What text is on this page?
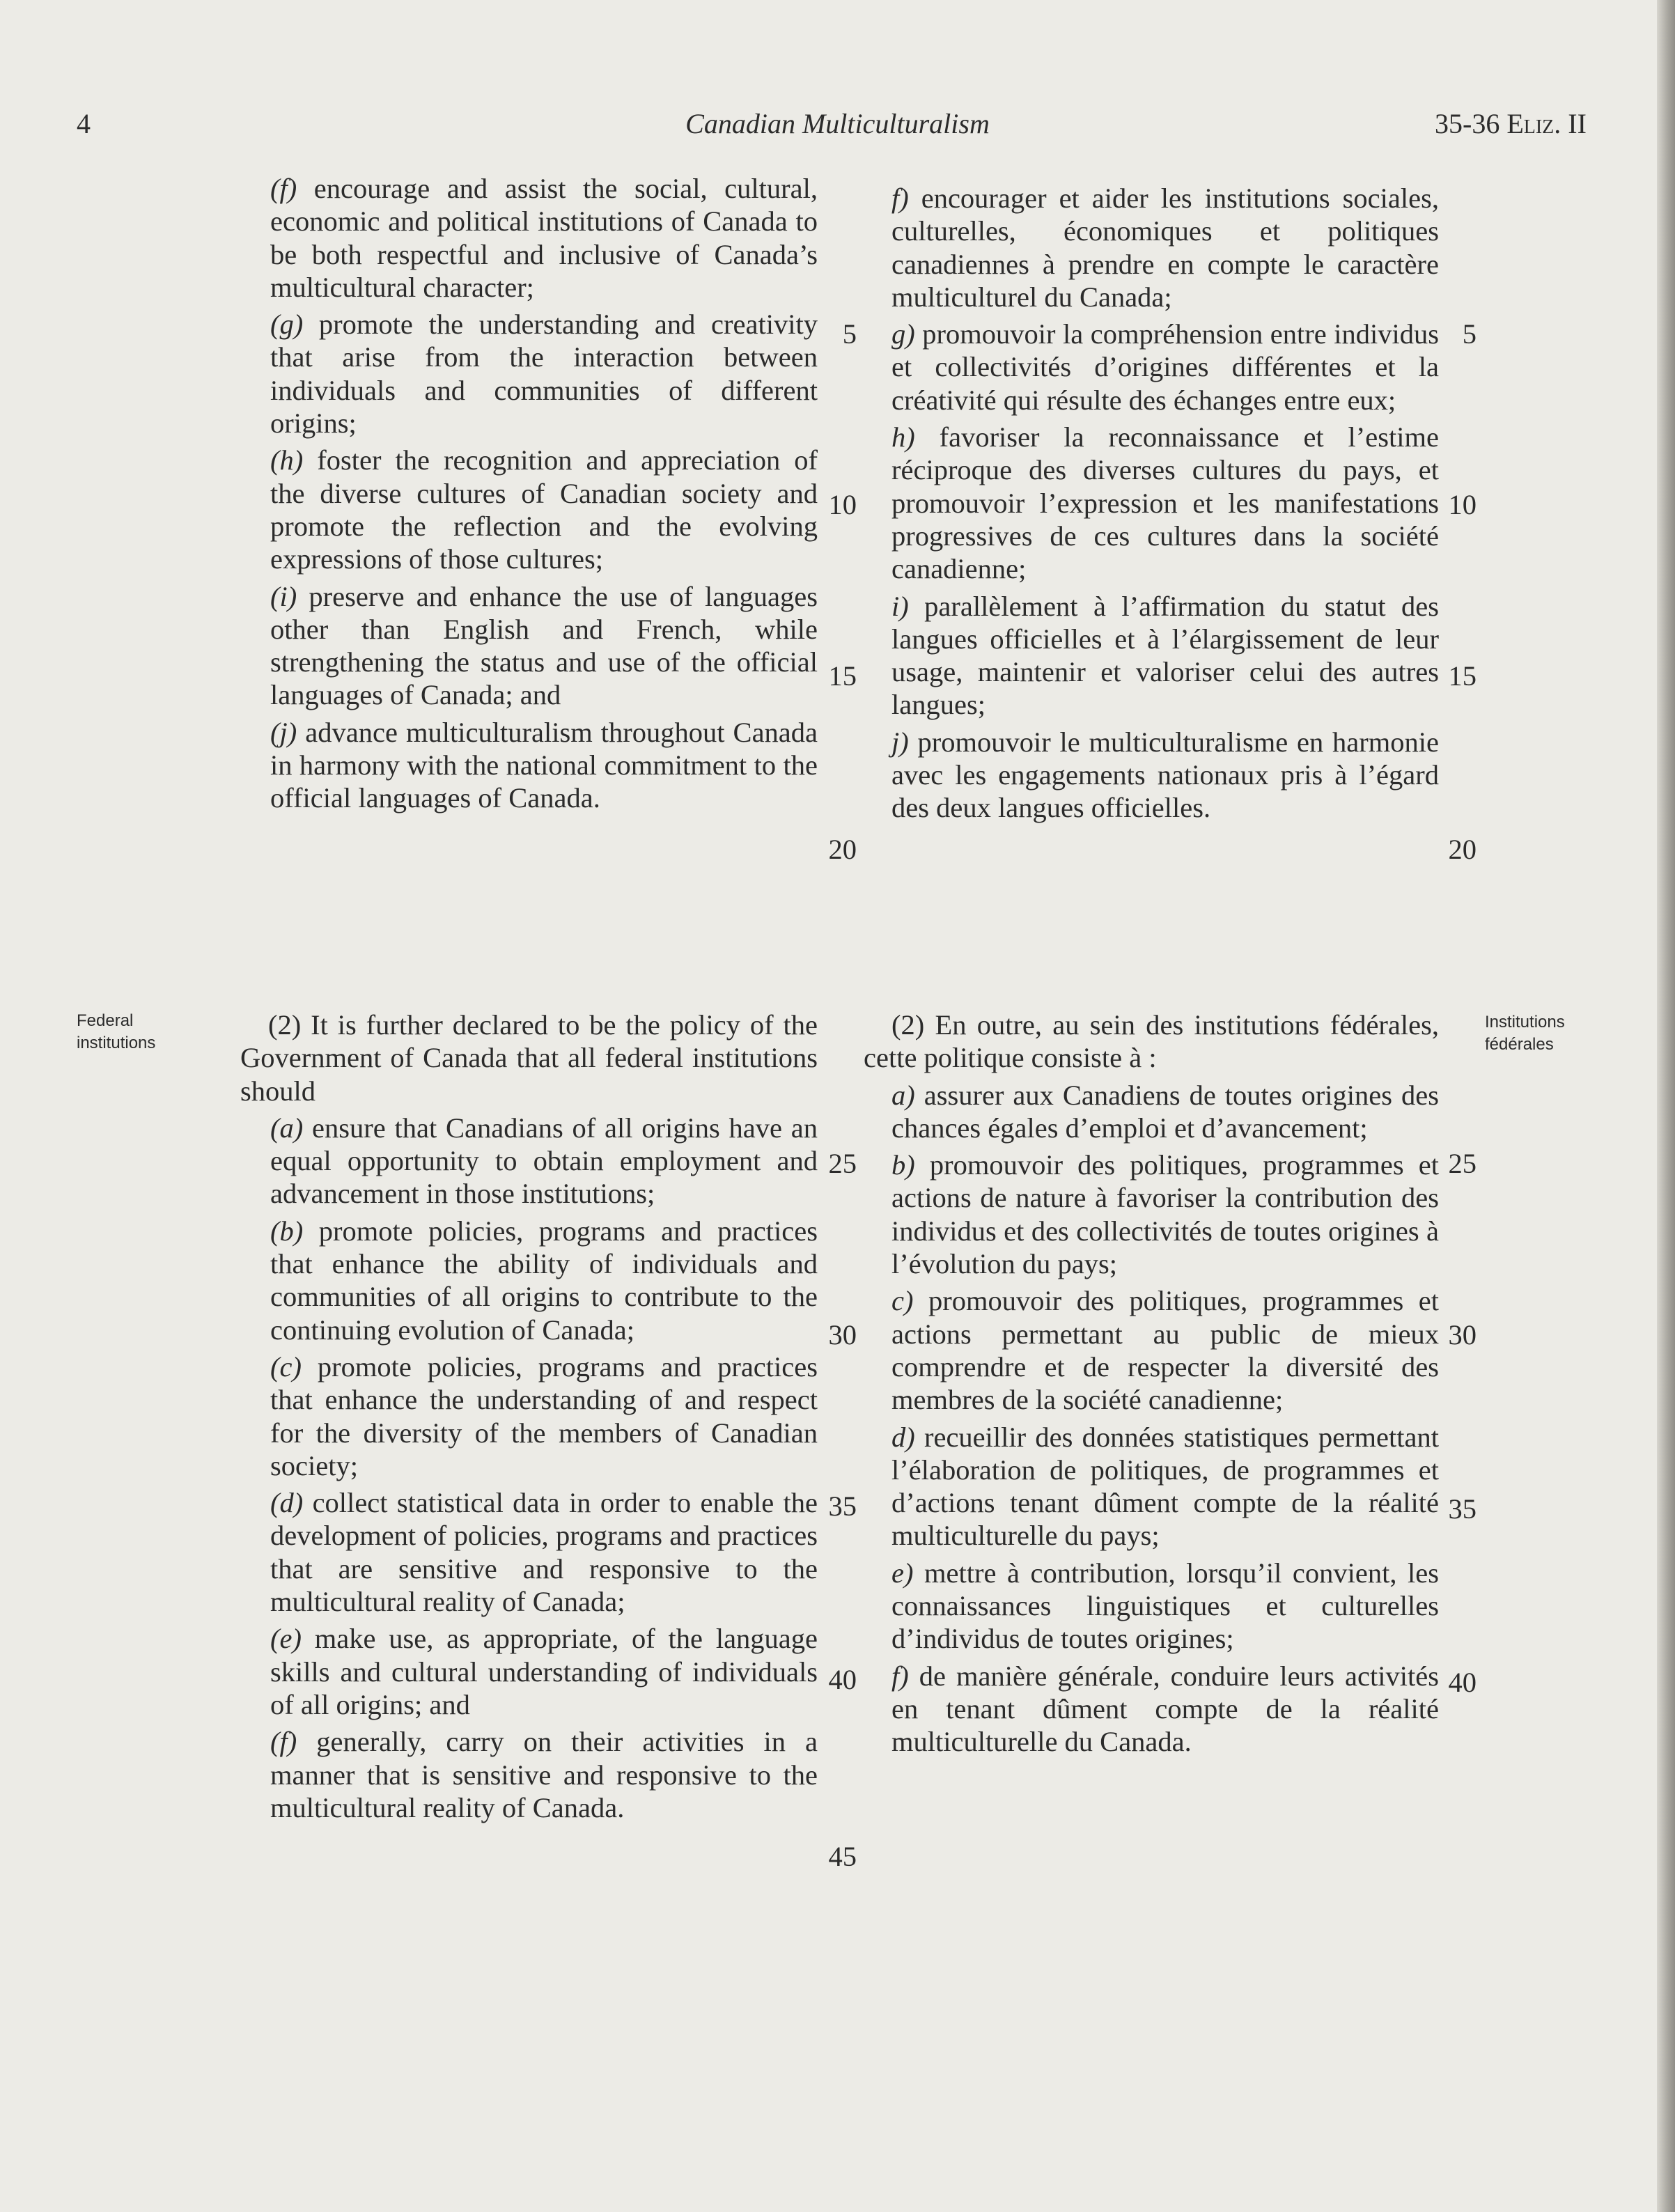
4	Canadian Multiculturalism	35-36 Eliz. II

(f) encourage and assist the social, cultural, economic and political institutions of Canada to be both respectful and inclusive of Canada’s multicultural character;

(g) promote the understanding and creativity that arise from the interaction between individuals and communities of different origins;

(h) foster the recognition and appreciation of the diverse cultures of Canadian society and promote the reflection and the evolving expressions of those cultures;

(i) preserve and enhance the use of languages other than English and French, while strengthening the status and use of the official languages of Canada; and

(j) advance multiculturalism throughout Canada in harmony with the national commitment to the official languages of Canada.

f) encourager et aider les institutions sociales, culturelles, économiques et politiques canadiennes à prendre en compte le caractère multiculturel du Canada;

g) promouvoir la compréhension entre individus et collectivités d’origines différentes et la créativité qui résulte des échanges entre eux;

h) favoriser la reconnaissance et l’estime réciproque des diverses cultures du pays, et promouvoir l’expression et les manifestations progressives de ces cultures dans la société canadienne;

i) parallèlement à l’affirmation du statut des langues officielles et à l’élargissement de leur usage, maintenir et valoriser celui des autres langues;

j) promouvoir le multiculturalisme en harmonie avec les engagements nationaux pris à l’égard des deux langues officielles.

5
10
15
20
5
10
15
20
Federal
institutions
Institutions
fédérales

(2) It is further declared to be the policy of the Government of Canada that all federal institutions should

(a) ensure that Canadians of all origins have an equal opportunity to obtain employment and advancement in those institutions;

(b) promote policies, programs and practices that enhance the ability of individuals and communities of all origins to contribute to the continuing evolution of Canada;

(c) promote policies, programs and practices that enhance the understanding of and respect for the diversity of the members of Canadian society;

(d) collect statistical data in order to enable the development of policies, programs and practices that are sensitive and responsive to the multicultural reality of Canada;

(e) make use, as appropriate, of the language skills and cultural understanding of individuals of all origins; and

(f) generally, carry on their activities in a manner that is sensitive and responsive to the multicultural reality of Canada.

(2) En outre, au sein des institutions fédérales, cette politique consiste à :

a) assurer aux Canadiens de toutes origines des chances égales d’emploi et d’avancement;

b) promouvoir des politiques, programmes et actions de nature à favoriser la contribution des individus et des collectivités de toutes origines à l’évolution du pays;

c) promouvoir des politiques, programmes et actions permettant au public de mieux comprendre et de respecter la diversité des membres de la société canadienne;

d) recueillir des données statistiques permettant l’élaboration de politiques, de programmes et d’actions tenant dûment compte de la réalité multiculturelle du pays;

e) mettre à contribution, lorsqu’il convient, les connaissances linguistiques et culturelles d’individus de toutes origines;

f) de manière générale, conduire leurs activités en tenant dûment compte de la réalité multiculturelle du Canada.

25
30
35
40
45
25
30
35
40
